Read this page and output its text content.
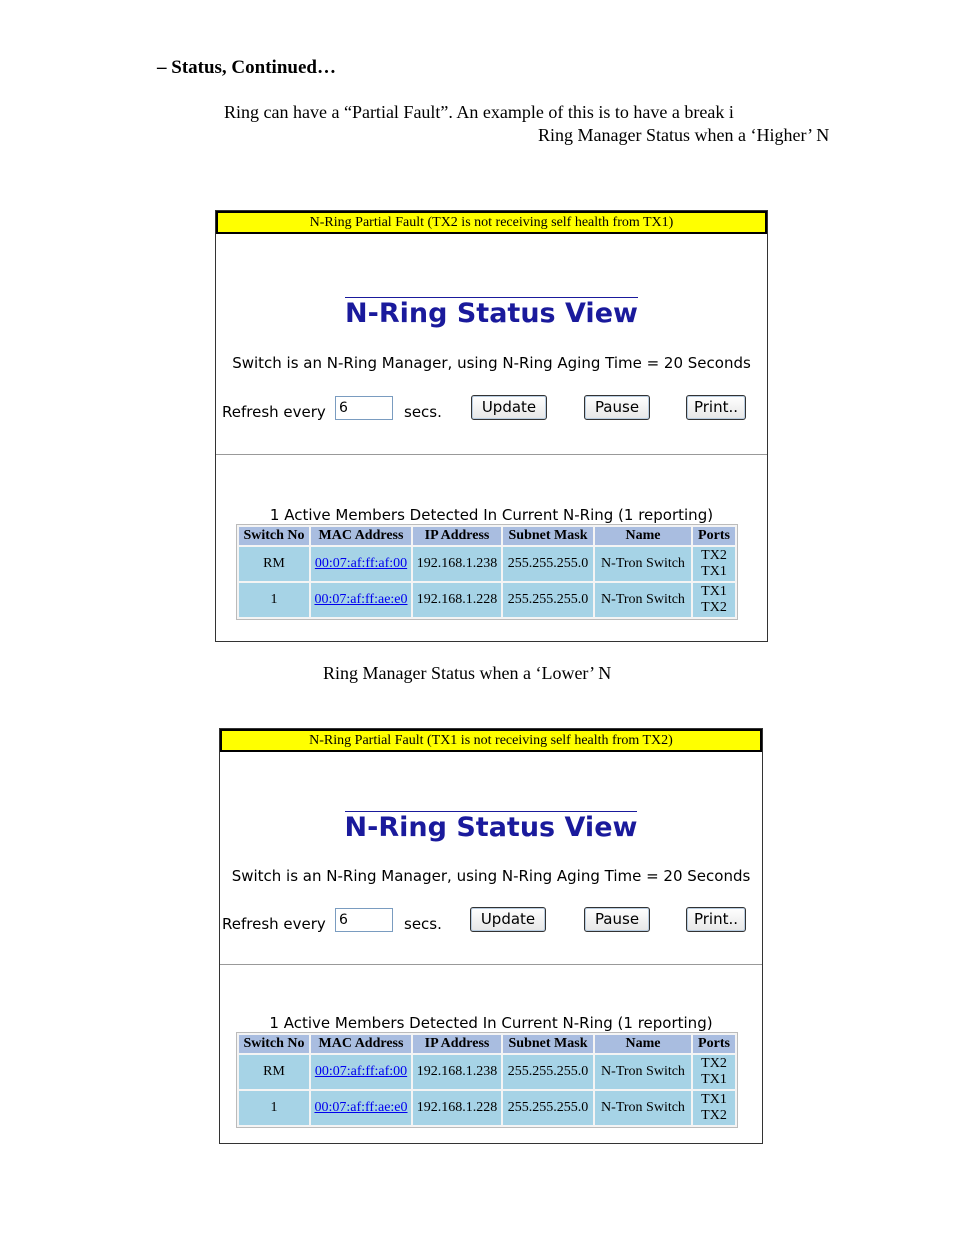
– Status, Continued…
Ring can have a “Partial Fault”. An example of this is to have a break i
Ring Manager Status when a ‘Higher’ N
N-Ring Partial Fault (TX2 is not receiving self health from TX1)
N-Ring Status View
Switch is an N-Ring Manager, using N-Ring Aging Time = 20 Seconds
Refresh every
6	secs.	Update	Pause	Print..
1 Active Members Detected In Current N-Ring (1 reporting)
Switch No	MAC Address	IP Address	Subnet Mask	Name	Ports
RM	00:07:af:ff:af:00	192.168.1.238	255.255.255.0	N-Tron Switch	TX2
TX1
1	00:07:af:ff:ae:e0	192.168.1.228	255.255.255.0	N-Tron Switch	TX1
TX2
Ring Manager Status when a ‘Lower’ N
N-Ring Partial Fault (TX1 is not receiving self health from TX2)
N-Ring Status View
Switch is an N-Ring Manager, using N-Ring Aging Time = 20 Seconds
Refresh every
6	secs.	Update	Pause	Print..
1 Active Members Detected In Current N-Ring (1 reporting)
Switch No	MAC Address	IP Address	Subnet Mask	Name	Ports
RM	00:07:af:ff:af:00	192.168.1.238	255.255.255.0	N-Tron Switch	TX2
TX1
1	00:07:af:ff:ae:e0	192.168.1.228	255.255.255.0	N-Tron Switch	TX1
TX2
